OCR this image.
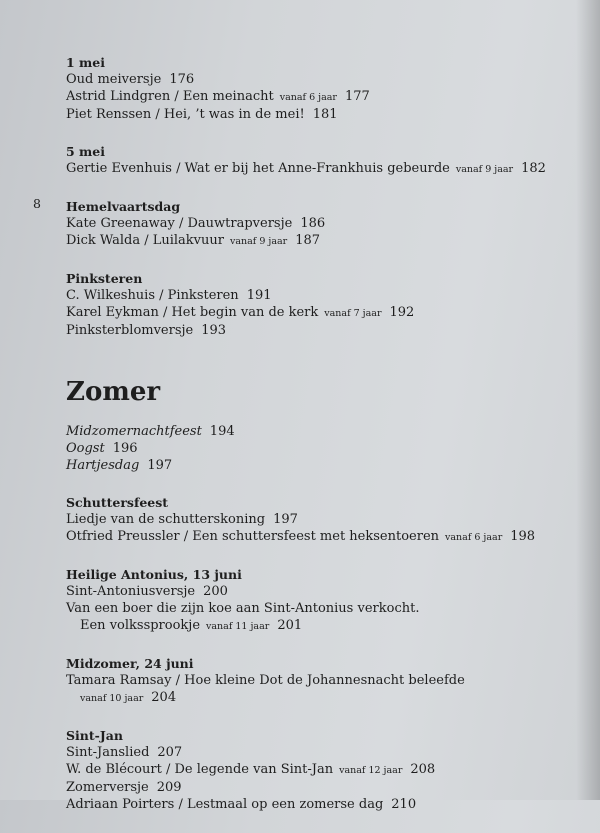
8
1 mei
Oud meiversje 176
Astrid Lindgren / Een meinacht vanaf 6 jaar 177
Piet Renssen / Hei, ’t was in de mei! 181
5 mei
Gertie Evenhuis / Wat er bij het Anne-Frankhuis gebeurde vanaf 9 jaar 182
Hemelvaartsdag
Kate Greenaway / Dauwtrapversje 186
Dick Walda / Luilakvuur vanaf 9 jaar 187
Pinksteren
C. Wilkeshuis / Pinksteren 191
Karel Eykman / Het begin van de kerk vanaf 7 jaar 192
Pinksterblomversje 193
Zomer
Midzomernachtfeest 194
Oogst 196
Hartjesdag 197
Schuttersfeest
Liedje van de schutterskoning 197
Otfried Preussler / Een schuttersfeest met heksentoeren vanaf 6 jaar 198
Heilige Antonius, 13 juni
Sint-Antoniusversje 200
Van een boer die zijn koe aan Sint-Antonius verkocht.
Een volkssprookje vanaf 11 jaar 201
Midzomer, 24 juni
Tamara Ramsay / Hoe kleine Dot de Johannesnacht beleefde
vanaf 10 jaar 204
Sint-Jan
Sint-Janslied 207
W. de Blécourt / De legende van Sint-Jan vanaf 12 jaar 208
Zomerversje 209
Adriaan Poirters / Lestmaal op een zomerse dag 210
